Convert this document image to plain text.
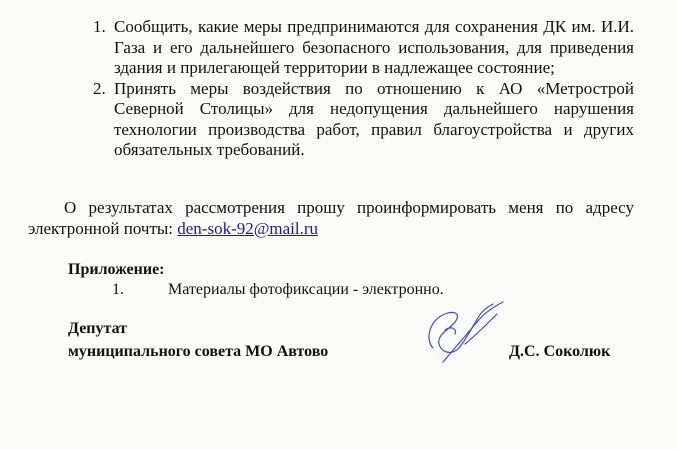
1. Сообщить, какие меры предпринимаются для сохранения ДК им. И.И. Газа и его дальнейшего безопасного использования, для приведения здания и прилегающей территории в надлежащее состояние;
2. Принять меры воздействия по отношению к АО «Метрострой Северной Столицы» для недопущения дальнейшего нарушения технологии производства работ, правил благоустройства и других обязательных требований.

О результатах рассмотрения прошу проинформировать меня по адресу электронной почты: den-sok-92@mail.ru

Приложение:
1.	Материалы фотофиксации - электронно.
Депутат
муниципального совета МО Автово	Д.С. Соколюк
